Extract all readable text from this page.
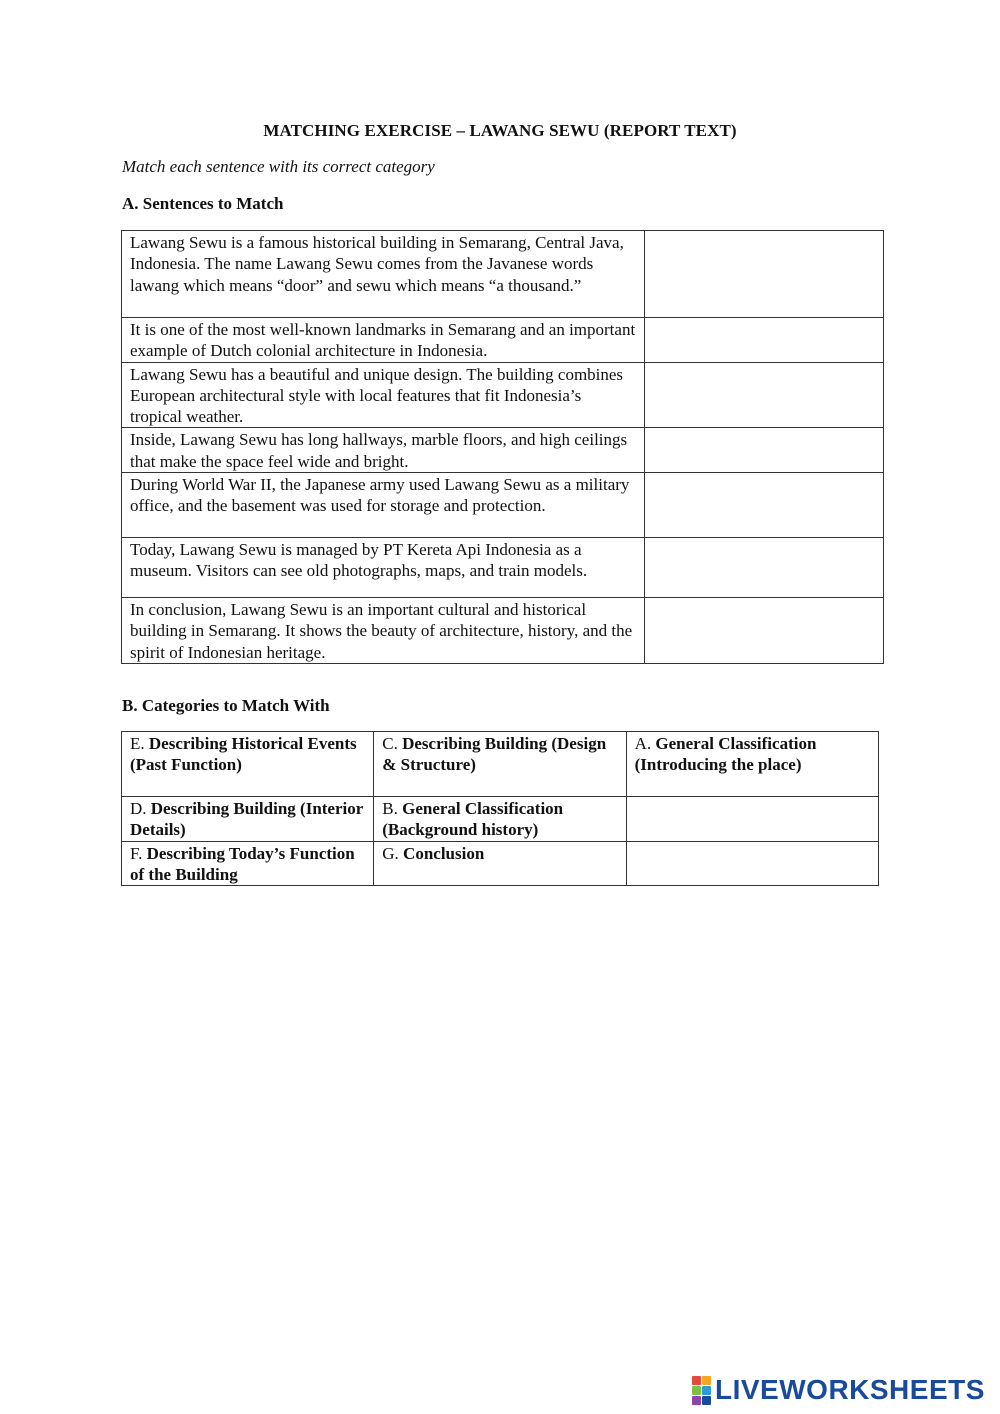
MATCHING EXERCISE – LAWANG SEWU (REPORT TEXT)
Match each sentence with its correct category
A. Sentences to Match
Lawang Sewu is a famous historical building in Semarang, Central Java, Indonesia. The name Lawang Sewu comes from the Javanese words lawang which means “door” and sewu which means “a thousand.”	
It is one of the most well-known landmarks in Semarang and an important example of Dutch colonial architecture in Indonesia.	
Lawang Sewu has a beautiful and unique design. The building combines European architectural style with local features that fit Indonesia’s tropical weather.	
Inside, Lawang Sewu has long hallways, marble floors, and high ceilings that make the space feel wide and bright.	
During World War II, the Japanese army used Lawang Sewu as a military office, and the basement was used for storage and protection.	
Today, Lawang Sewu is managed by PT Kereta Api Indonesia as a museum. Visitors can see old photographs, maps, and train models.	
In conclusion, Lawang Sewu is an important cultural and historical building in Semarang. It shows the beauty of architecture, history, and the spirit of Indonesian heritage.	
B. Categories to Match With
E. Describing Historical Events (Past Function)	C. Describing Building (Design & Structure)	A. General Classification (Introducing the place)
D. Describing Building (Interior Details)	B. General Classification (Background history)	
F. Describing Today’s Function of the Building	G. Conclusion	
LIVEWORKSHEETS
